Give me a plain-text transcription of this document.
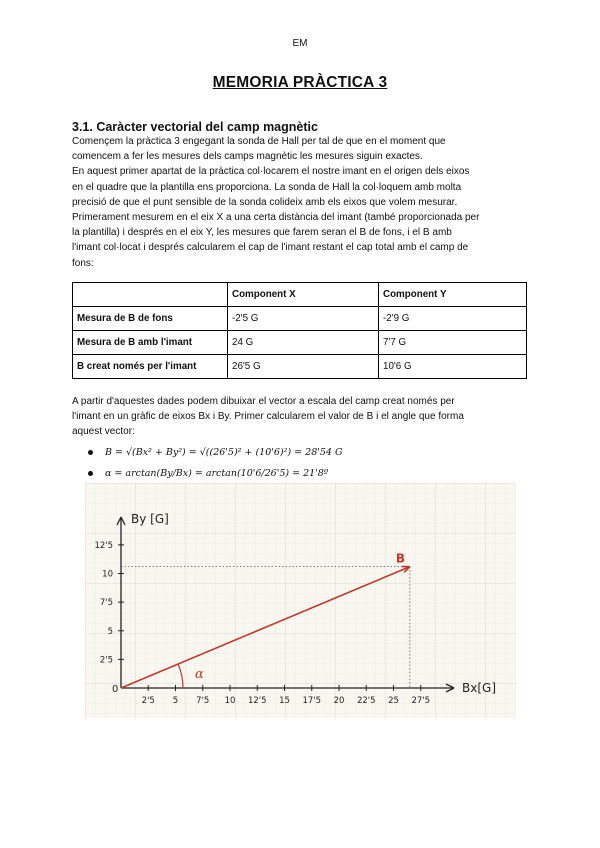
EM
MEMORIA PRÀCTICA 3
3.1. Caràcter vectorial del camp magnètic
Començem la pràctica 3 engegant la sonda de Hall per tal de que en el moment que
comencem a fer les mesures dels camps magnètic les mesures siguin exactes.
En aquest primer apartat de la pràctica col·locarem el nostre imant en el origen dels eixos
en el quadre que la plantilla ens proporciona. La sonda de Hall la col·loquem amb molta
precisió de que el punt sensible de la sonda colideix amb els eixos que volem mesurar.
Primerament mesurem en el eix X a una certa distància del imant (també proporcionada per
la plantilla) i després en el eix Y, les mesures que farem seran el B de fons, i el B amb
l'imant col·locat i després calcularem el cap de l'imant restant el cap total amb el camp de
fons:
	Component X	Component Y
Mesura de B de fons	-2'5 G	-2'9 G
Mesura de B amb l'imant	24 G	7'7 G
B creat només per l'imant	26'5 G	10'6 G
A partir d'aquestes dades podem dibuixar el vector a escala del camp creat només per
l'imant en un gràfic de eixos Bx i By. Primer calcularem el valor de B i el angle que forma
aquest vector:
B = √(Bx² + By²) = √((26'5)² + (10'6)²) = 28'54 G
α = arctan(By/Bx) = arctan(10'6/26'5) = 21'8º
Bx[G]
By [G]
0
2'5 5 7'5 10 12'5 15 17'5 20 22'5 25 27'5
2'5
5
7'5
10
12'5
B
α
